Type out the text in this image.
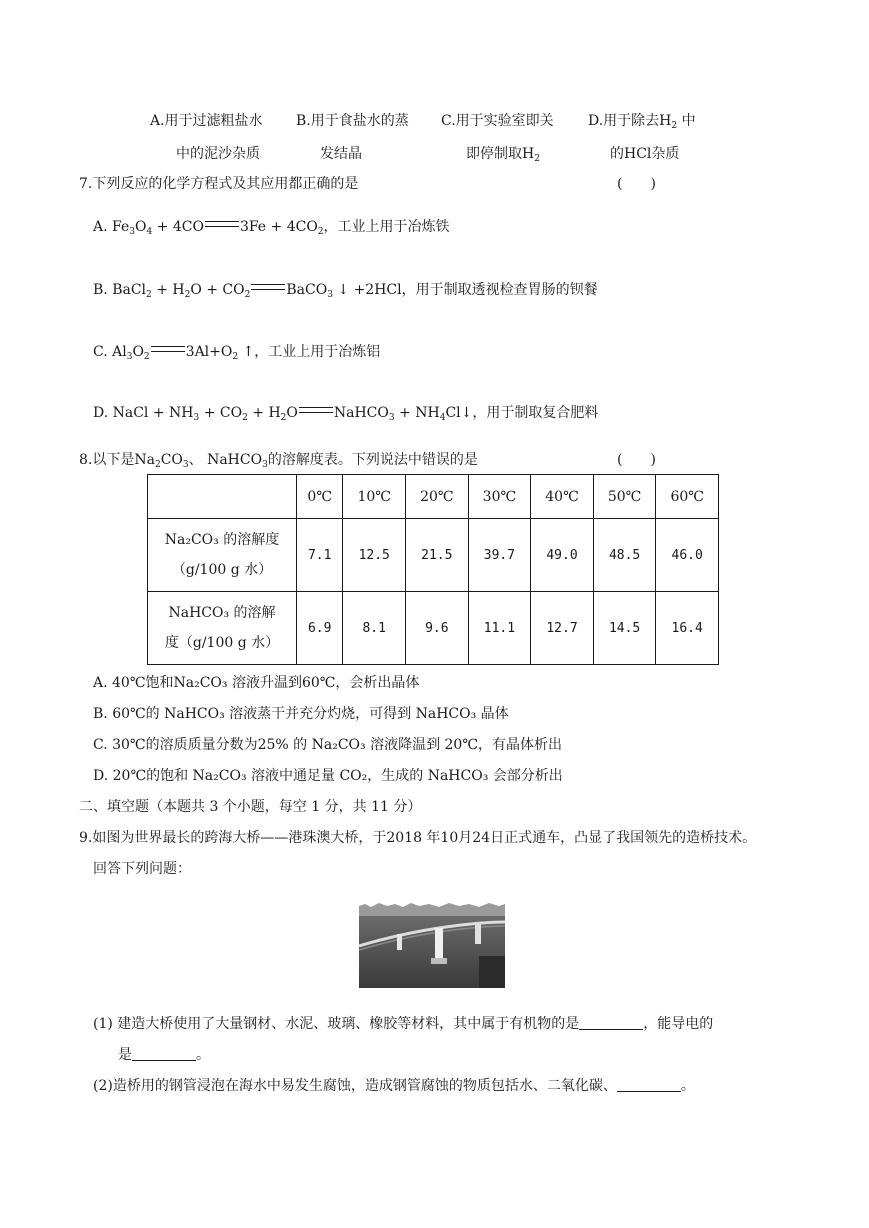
A.用于过滤粗盐水
中的泥沙杂质
B.用于食盐水的蒸
发结晶
C.用于实验室即关
即停制取$H_2$
D.用于除去$H_2$ 中
的HCl杂质
7.下列反应的化学方程式及其应用都正确的是	(　　)
A. $Fe_3O_4 + 4CO$	$3Fe + 4CO_2$，工业上用于冶炼铁
B. BaCl$_2$ + $H_2O + CO_2$	BaCO$_3$ ↓ +2HCl，用于制取透视检查胃肠的钡餐
C. $Al_3O_2$	$3Al+O_2$ ↑，工业上用于冶炼铝
D. NaCl + $NH_3 + CO_2 + H_2O$	NaHCO$_3$ + $NH_4Cl↓$，用于制取复合肥料
8.以下是$Na_2CO_3$、 NaHCO$_3$的溶解度表。下列说法中错误的是	(　　)
	0℃	10℃	20℃	30℃	40℃	50℃	60℃

Na₂CO₃ 的溶解度
（g/100 g 水）	7.1	12.5	21.5	39.7	49.0	48.5	46.0

NaHCO₃ 的溶解
度（g/100 g 水）	6.9	8.1	9.6	11.1	12.7	14.5	16.4
A. 40℃饱和Na₂CO₃ 溶液升温到60℃，会析出晶体
B. 60℃的 NaHCO₃ 溶液蒸干并充分灼烧，可得到 NaHCO₃ 晶体
C. 30℃的溶质质量分数为25% 的 Na₂CO₃ 溶液降温到 20℃，有晶体析出
D. 20℃的饱和 Na₂CO₃ 溶液中通足量 CO₂，生成的 NaHCO₃ 会部分析出
二、填空题（本题共 3 个小题，每空 1 分，共 11 分）
9.如图为世界最长的跨海大桥——港珠澳大桥，于2018 年10月24日正式通车，凸显了我国领先的造桥技术。
回答下列问题：
(1) 建造大桥使用了大量钢材、水泥、玻璃、橡胶等材料，其中属于有机物的是	，能导电的
是	。
(2)造桥用的钢管浸泡在海水中易发生腐蚀，造成钢管腐蚀的物质包括水、二氧化碳、	。
